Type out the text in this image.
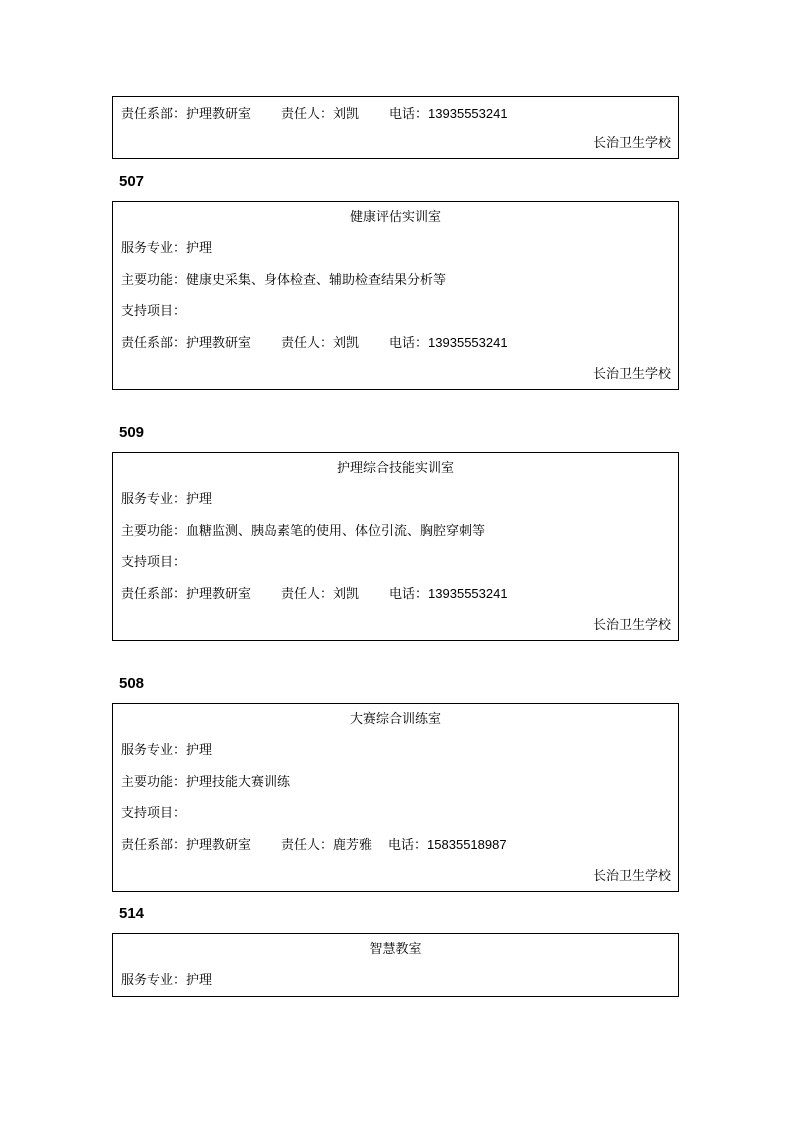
责任系部：护理教研室 责任人：刘凯 电话：13935553241
长治卫生学校
507
健康评估实训室
服务专业：护理
主要功能：健康史采集、身体检查、辅助检查结果分析等
支持项目：
责任系部：护理教研室 责任人：刘凯 电话：13935553241
长治卫生学校
509
护理综合技能实训室
服务专业：护理
主要功能：血糖监测、胰岛素笔的使用、体位引流、胸腔穿刺等
支持项目：
责任系部：护理教研室 责任人：刘凯 电话：13935553241
长治卫生学校
508
大赛综合训练室
服务专业：护理
主要功能：护理技能大赛训练
支持项目：
责任系部：护理教研室 责任人：鹿芳雅 电话：15835518987
长治卫生学校
514
智慧教室
服务专业：护理
